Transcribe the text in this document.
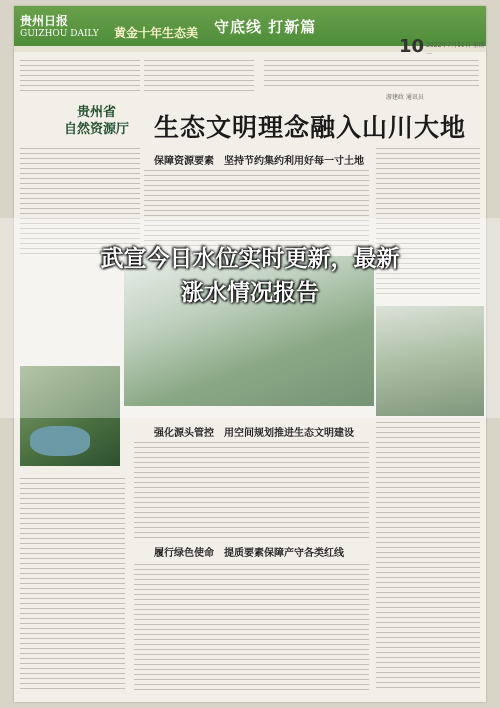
贵州日报
GUIZHOU DAILY 黄金十年生态美 守底线 打新篇
10 2022年7月11日 星期一
贵州省
自然资源厅 生态文明理念融入山川大地
游建政 通讯员
保障资源要素　坚持节约集约利用好每一寸土地
强化源头管控　用空间规划推进生态文明建设
履行绿色使命　提质要素保障产守各类红线
武宣今日水位实时更新，最新
涨水情况报告
